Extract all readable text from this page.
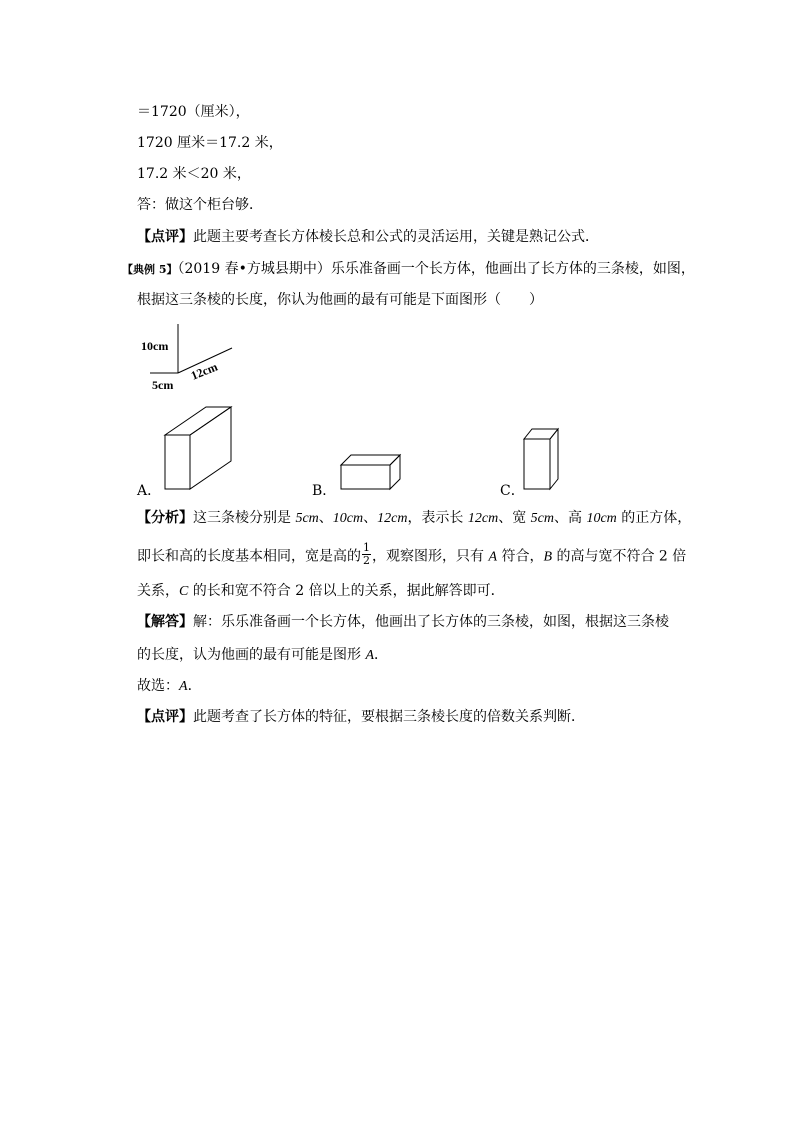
＝1720（厘米），
1720 厘米＝17.2 米，
17.2 米＜20 米，
答：做这个柜台够．
【点评】此题主要考查长方体棱长总和公式的灵活运用，关键是熟记公式．
【典例 5】（2019 春•方城县期中）乐乐准备画一个长方体，他画出了长方体的三条棱，如图，
根据这三条棱的长度，你认为他画的最有可能是下面图形（　　）
10cm
5cm
12cm
A．	B．	C．
【分析】这三条棱分别是 5cm、10cm、12cm，表示长 12cm、宽 5cm、高 10cm 的正方体，
即长和高的长度基本相同，宽是高的 $\frac{1}{2}$ ，观察图形，只有 A 符合，B 的高与宽不符合 2 倍
关系，C 的长和宽不符合 2 倍以上的关系，据此解答即可．
【解答】解：乐乐准备画一个长方体，他画出了长方体的三条棱，如图，根据这三条棱
的长度，认为他画的最有可能是图形 A．
故选：A．
【点评】此题考查了长方体的特征，要根据三条棱长度的倍数关系判断．
